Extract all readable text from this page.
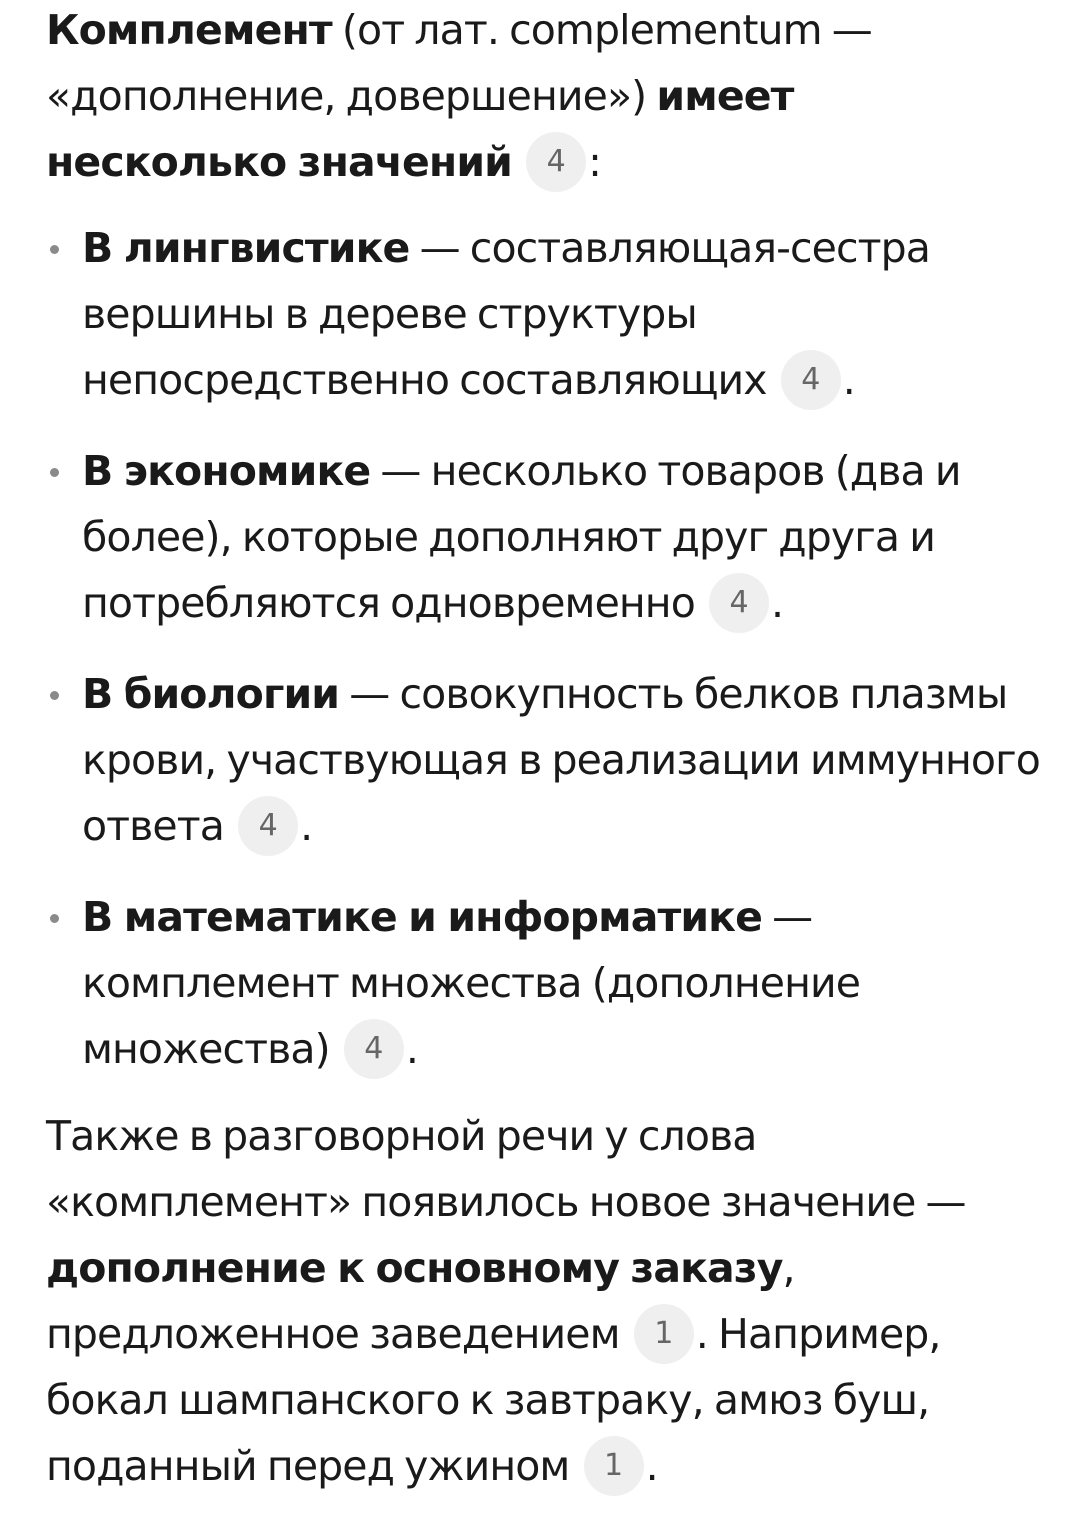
Комплемент (от лат. complementum — «дополнение, довершение») имеет несколько значений 4 :

В лингвистике — составляющая-сестра вершины в дереве структуры непосредственно составляющих 4 .
В экономике — несколько товаров (два и более), которые дополняют друг друга и потребляются одновременно 4 .
В биологии — совокупность белков плазмы крови, участвующая в реализации иммунного ответа 4 .
В математике и информатике — комплемент множества (дополнение множества) 4 .

Также в разговорной речи у слова «комплемент» появилось новое значение — дополнение к основному заказу, предложенное заведением 1 . Например, бокал шампанского к завтраку, амюз буш, поданный перед ужином 1 .
